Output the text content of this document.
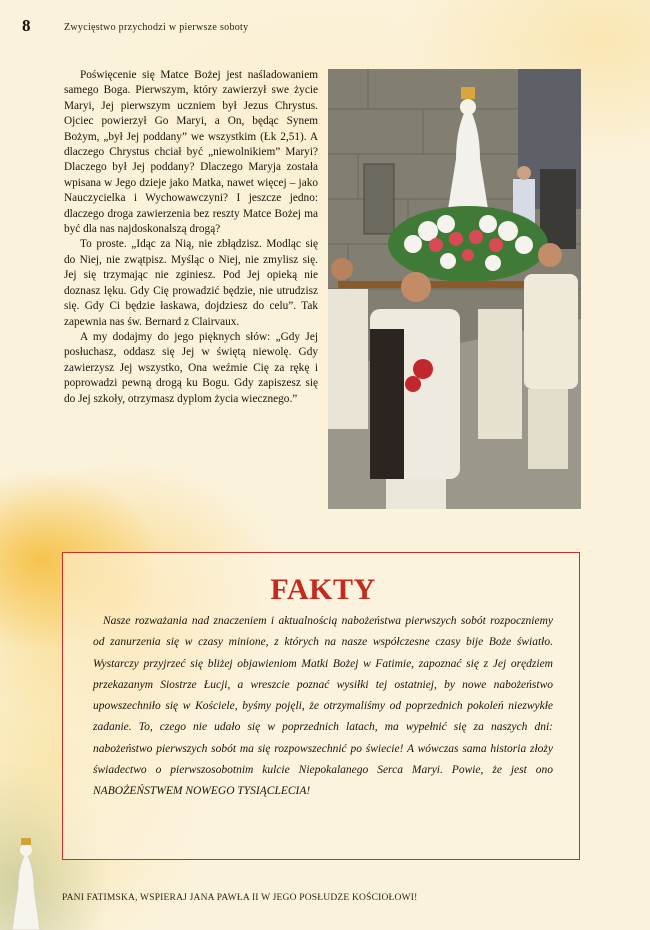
8	Zwycięstwo przychodzi w pierwsze soboty

Poświęcenie się Matce Bożej jest naśladowaniem samego Boga. Pierwszym, który zawierzył swe życie Maryi, Jej pierwszym uczniem był Jezus Chrystus. Ojciec powierzył Go Maryi, a On, będąc Synem Bożym, „był Jej poddany” we wszystkim (Łk 2,51). A dlaczego Chrystus chciał być „niewolnikiem” Maryi? Dlaczego był Jej poddany? Dlaczego Maryja została wpisana w Jego dzieje jako Matka, nawet więcej – jako Nauczycielka i Wychowawczyni? I jeszcze jedno: dlaczego droga zawierzenia bez reszty Matce Bożej ma być dla nas najdoskonalszą drogą?

To proste. „Idąc za Nią, nie zbłądzisz. Modląc się do Niej, nie zwątpisz. Myśląc o Niej, nie zmylisz się. Jej się trzymając nie zginiesz. Pod Jej opieką nie doznasz lęku. Gdy Cię prowadzić będzie, nie utrudzisz się. Gdy Ci będzie łaskawa, dojdziesz do celu”. Tak zapewnia nas św. Bernard z Clairvaux.

A my dodajmy do jego pięknych słów: „Gdy Jej posłuchasz, oddasz się Jej w świętą niewolę. Gdy zawierzysz Jej wszystko, Ona weźmie Cię za rękę i poprowadzi pewną drogą ku Bogu. Gdy zapiszesz się do Jej szkoły, otrzymasz dyplom życia wiecznego.”

FAKTY

Nasze rozważania nad znaczeniem i aktualnością nabożeństwa pierwszych sobót rozpoczniemy od zanurzenia się w czasy minione, z których na nasze współczesne czasy bije Boże światło. Wystarczy przyjrzeć się bliżej objawieniom Matki Bożej w Fatimie, zapoznać się z Jej orędziem przekazanym Siostrze Łucji, a wreszcie poznać wysiłki tej ostatniej, by nowe nabożeństwo upowszechniło się w Kościele, byśmy pojęli, że otrzymaliśmy od poprzednich pokoleń niezwykłe zadanie. To, czego nie udało się w poprzednich latach, ma wypełnić się za naszych dni: nabożeństwo pierwszych sobót ma się rozpowszechnić po świecie! A wówczas sama historia złoży świadectwo o pierwszosobotnim kulcie Niepokalanego Serca Maryi. Powie, że jest ono NABOŻEŃSTWEM NOWEGO TYSIĄCLECIA!

PANI FATIMSKA, WSPIERAJ JANA PAWŁA II W JEGO POSŁUDZE KOŚCIOŁOWI!
